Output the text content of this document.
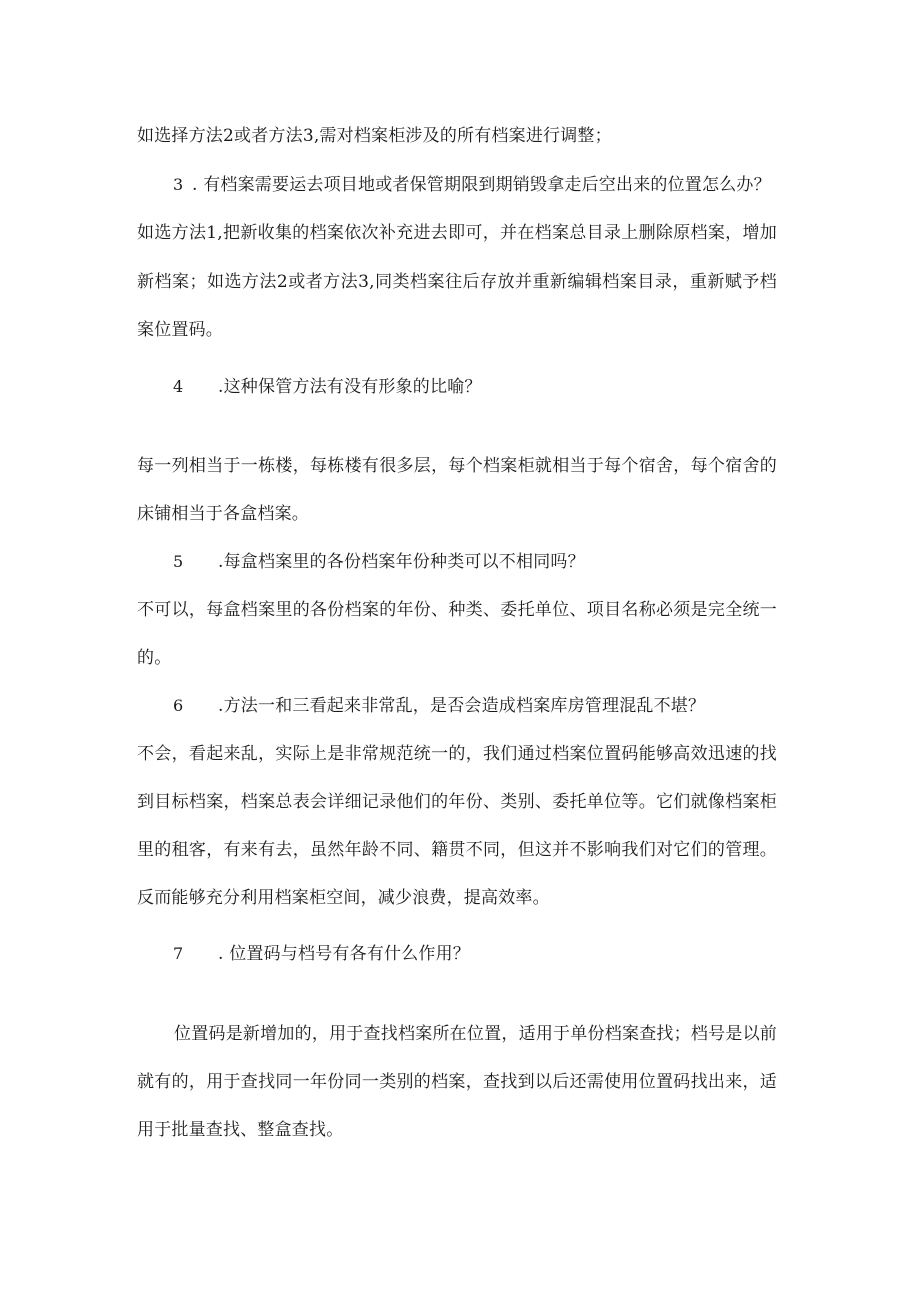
如选择方法2或者方法3,需对档案柜涉及的所有档案进行调整；
3 . 有档案需要运去项目地或者保管期限到期销毁拿走后空出来的位置怎么办？
如选方法1,把新收集的档案依次补充进去即可，并在档案总目录上删除原档案，增加
新档案；如选方法2或者方法3,同类档案往后存放并重新编辑档案目录，重新赋予档
案位置码。
4 .这种保管方法有没有形象的比喻？
每一列相当于一栋楼，每栋楼有很多层，每个档案柜就相当于每个宿舍，每个宿舍的
床铺相当于各盒档案。
5 .每盒档案里的各份档案年份种类可以不相同吗？
不可以，每盒档案里的各份档案的年份、种类、委托单位、项目名称必须是完全统一
的。
6 .方法一和三看起来非常乱，是否会造成档案库房管理混乱不堪？
不会，看起来乱，实际上是非常规范统一的，我们通过档案位置码能够高效迅速的找
到目标档案，档案总表会详细记录他们的年份、类别、委托单位等。它们就像档案柜
里的租客，有来有去，虽然年龄不同、籍贯不同，但这并不影响我们对它们的管理。
反而能够充分利用档案柜空间，减少浪费，提高效率。
7 . 位置码与档号有各有什么作用？
位置码是新增加的，用于查找档案所在位置，适用于单份档案查找；档号是以前
就有的，用于查找同一年份同一类别的档案，查找到以后还需使用位置码找出来，适
用于批量查找、整盒查找。
